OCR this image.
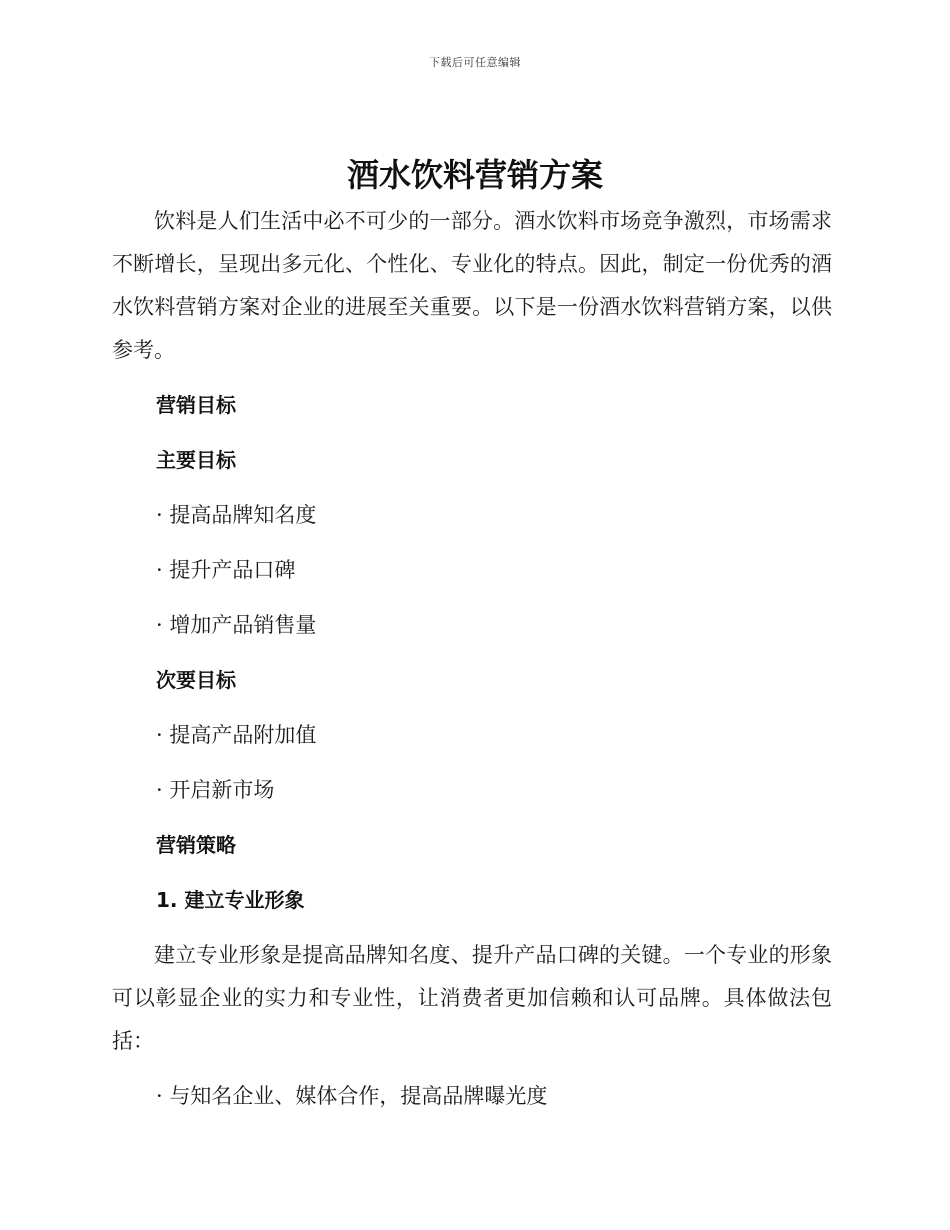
下载后可任意编辑
酒水饮料营销方案

饮料是人们生活中必不可少的一部分。酒水饮料市场竞争激烈，市场需求不断增长，呈现出多元化、个性化、专业化的特点。因此，制定一份优秀的酒水饮料营销方案对企业的进展至关重要。以下是一份酒水饮料营销方案，以供参考。

营销目标

主要目标

· 提高品牌知名度

· 提升产品口碑

· 增加产品销售量

次要目标

· 提高产品附加值

· 开启新市场

营销策略

1. 建立专业形象

建立专业形象是提高品牌知名度、提升产品口碑的关键。一个专业的形象可以彰显企业的实力和专业性，让消费者更加信赖和认可品牌。具体做法包括：

· 与知名企业、媒体合作，提高品牌曝光度
